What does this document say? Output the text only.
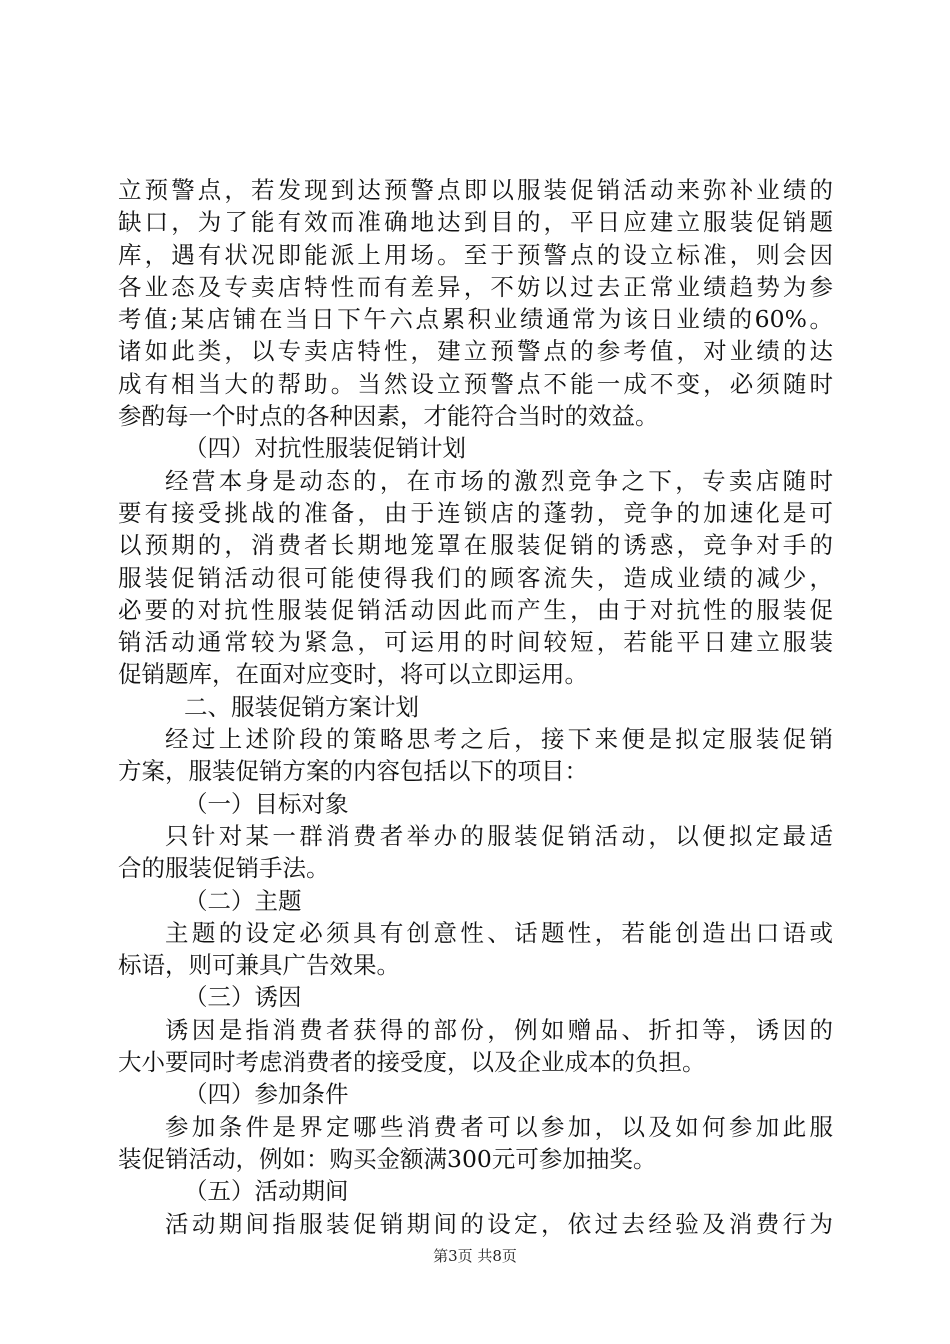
立预警点，若发现到达预警点即以服装促销活动来弥补业绩的
缺口，为了能有效而准确地达到目的，平日应建立服装促销题
库，遇有状况即能派上用场。至于预警点的设立标准，则会因
各业态及专卖店特性而有差异，不妨以过去正常业绩趋势为参
考值;某店铺在当日下午六点累积业绩通常为该日业绩的60%。
诸如此类，以专卖店特性，建立预警点的参考值，对业绩的达
成有相当大的帮助。当然设立预警点不能一成不变，必须随时
参酌每一个时点的各种因素，才能符合当时的效益。
（四）对抗性服装促销计划
经营本身是动态的，在市场的激烈竞争之下，专卖店随时
要有接受挑战的准备，由于连锁店的蓬勃，竞争的加速化是可
以预期的，消费者长期地笼罩在服装促销的诱惑，竞争对手的
服装促销活动很可能使得我们的顾客流失，造成业绩的减少，
必要的对抗性服装促销活动因此而产生，由于对抗性的服装促
销活动通常较为紧急，可运用的时间较短，若能平日建立服装
促销题库，在面对应变时，将可以立即运用。
二、服装促销方案计划
经过上述阶段的策略思考之后，接下来便是拟定服装促销
方案，服装促销方案的内容包括以下的项目：
（一）目标对象
只针对某一群消费者举办的服装促销活动，以便拟定最适
合的服装促销手法。
（二）主题
主题的设定必须具有创意性、话题性，若能创造出口语或
标语，则可兼具广告效果。
（三）诱因
诱因是指消费者获得的部份，例如赠品、折扣等，诱因的
大小要同时考虑消费者的接受度，以及企业成本的负担。
（四）参加条件
参加条件是界定哪些消费者可以参加，以及如何参加此服
装促销活动，例如：购买金额满300元可参加抽奖。
（五）活动期间
活动期间指服装促销期间的设定，依过去经验及消费行为
第3页 共8页
